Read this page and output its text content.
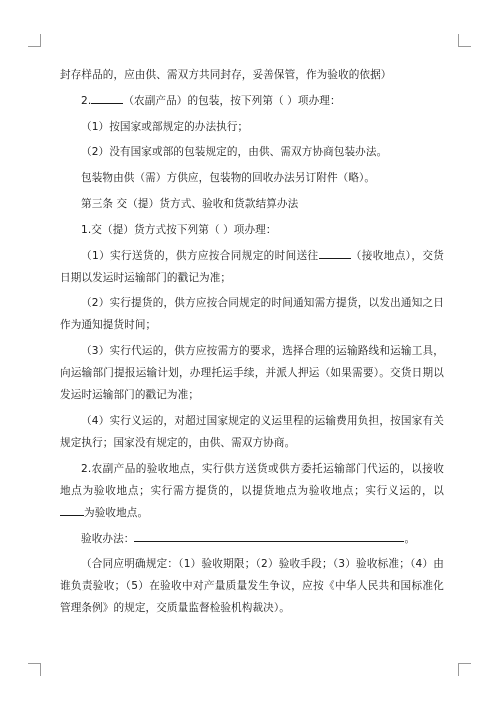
封存样品的，应由供、需双方共同封存，妥善保管，作为验收的依据）

2.	（农副产品）的包装，按下列第（ ）项办理：

（1）按国家或部规定的办法执行；

（2）没有国家或部的包装规定的，由供、需双方协商包装办法。

包装物由供（需）方供应，包装物的回收办法另订附件（略）。

第三条 交（提）货方式、验收和货款结算办法

1.交（提）货方式按下列第（ ）项办理：

（1）实行送货的，供方应按合同规定的时间送往	（接收地点），交货日期以发运时运输部门的戳记为准；

（2）实行提货的，供方应按合同规定的时间通知需方提货，以发出通知之日作为通知提货时间；

（3）实行代运的，供方应按需方的要求，选择合理的运输路线和运输工具，向运输部门提报运输计划，办理托运手续，并派人押运（如果需要）。交货日期以发运时运输部门的戳记为准；

（4）实行义运的，对超过国家规定的义运里程的运输费用负担，按国家有关规定执行；国家没有规定的，由供、需双方协商。

2.农副产品的验收地点，实行供方送货或供方委托运输部门代运的，以接收地点为验收地点；实行需方提货的，以提货地点为验收地点；实行义运的，以为验收地点。

验收办法：	。

（合同应明确规定：（1）验收期限；（2）验收手段；（3）验收标准；（4）由谁负责验收；（5）在验收中对产量质量发生争议，应按《中华人民共和国标准化管理条例》的规定，交质量监督检验机构裁决）。
